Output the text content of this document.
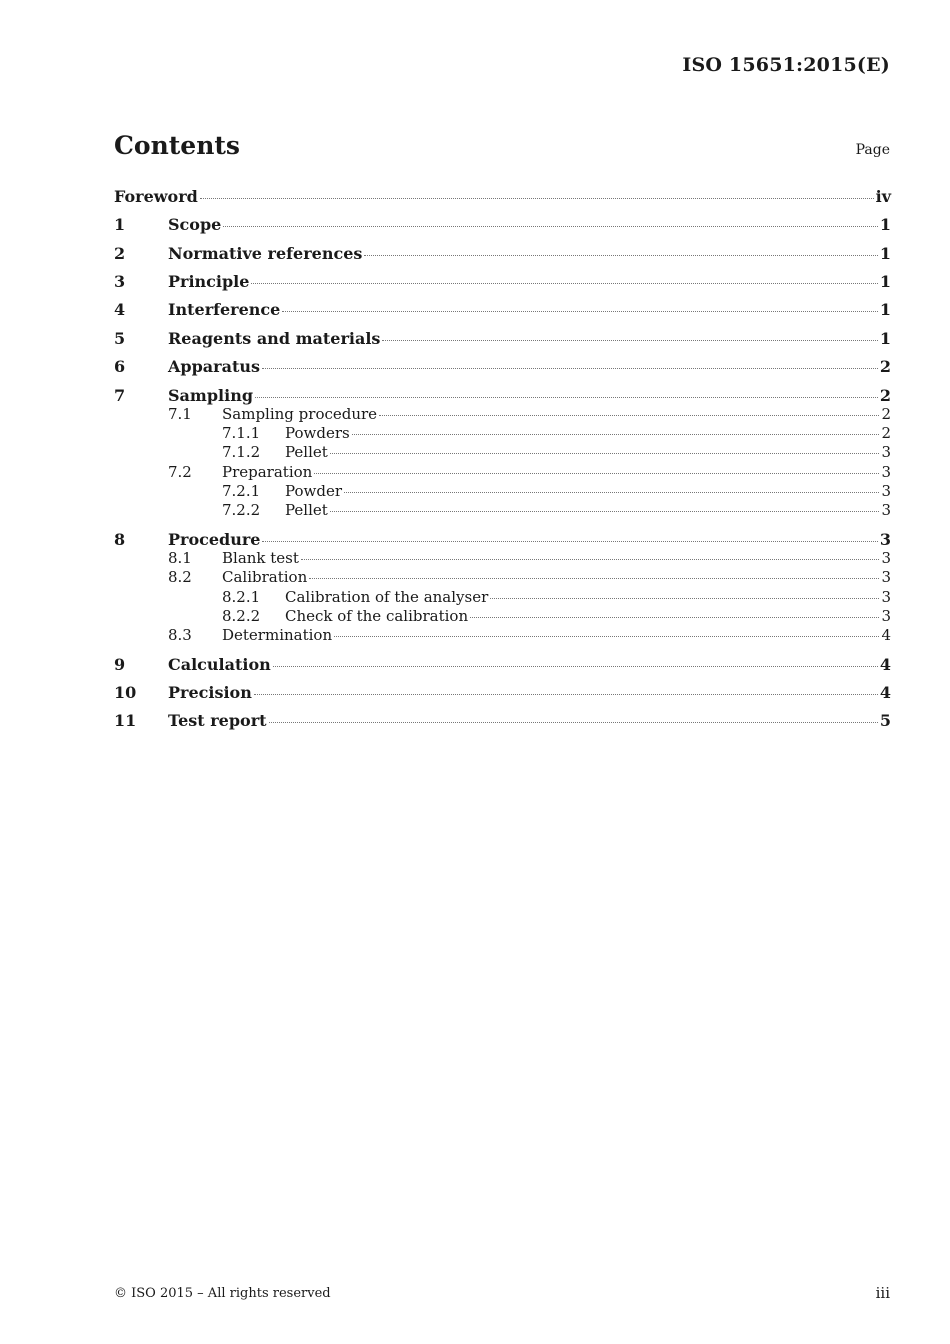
ISO 15651:2015(E)
Contents	Page
Foreword	iv
1	Scope	1
2	Normative references	1
3	Principle	1
4	Interference	1
5	Reagents and materials	1
6	Apparatus	2
7	Sampling	2
7.1	Sampling procedure	2
7.1.1	Powders	2
7.1.2	Pellet	3
7.2	Preparation	3
7.2.1	Powder	3
7.2.2	Pellet	3
8	Procedure	3
8.1	Blank test	3
8.2	Calibration	3
8.2.1	Calibration of the analyser	3
8.2.2	Check of the calibration	3
8.3	Determination	4
9	Calculation	4
10	Precision	4
11	Test report	5
© ISO 2015 – All rights reserved	iii
